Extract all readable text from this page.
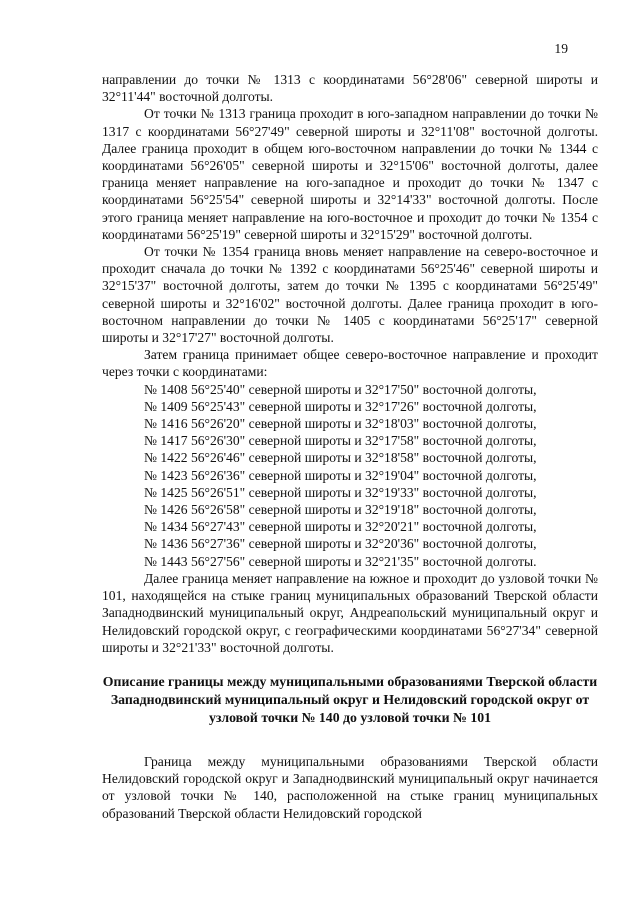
19

направлении до точки № 1313 с координатами 56°28'06" северной широты и 32°11'44" восточной долготы.

От точки № 1313 граница проходит в юго-западном направлении до точки № 1317 с координатами 56°27'49" северной широты и 32°11'08" восточной долготы. Далее граница проходит в общем юго-восточном направлении до точки № 1344 с координатами 56°26'05" северной широты и 32°15'06" восточной долготы, далее граница меняет направление на юго-западное и проходит до точки № 1347 с координатами 56°25'54" северной широты и 32°14'33" восточной долготы. После этого граница меняет направление на юго-восточное и проходит до точки № 1354 с координатами 56°25'19" северной широты и 32°15'29" восточной долготы.

От точки № 1354 граница вновь меняет направление на северо-восточное и проходит сначала до точки № 1392 с координатами 56°25'46" северной широты и 32°15'37" восточной долготы, затем до точки № 1395 с координатами 56°25'49" северной широты и 32°16'02" восточной долготы. Далее граница проходит в юго-восточном направлении до точки № 1405 с координатами 56°25'17" северной широты и 32°17'27" восточной долготы.

Затем граница принимает общее северо-восточное направление и проходит через точки с координатами:

№ 1408 56°25'40" северной широты и 32°17'50" восточной долготы,
№ 1409 56°25'43" северной широты и 32°17'26" восточной долготы,
№ 1416 56°26'20" северной широты и 32°18'03" восточной долготы,
№ 1417 56°26'30" северной широты и 32°17'58" восточной долготы,
№ 1422 56°26'46" северной широты и 32°18'58" восточной долготы,
№ 1423 56°26'36" северной широты и 32°19'04" восточной долготы,
№ 1425 56°26'51" северной широты и 32°19'33" восточной долготы,
№ 1426 56°26'58" северной широты и 32°19'18" восточной долготы,
№ 1434 56°27'43" северной широты и 32°20'21" восточной долготы,
№ 1436 56°27'36" северной широты и 32°20'36" восточной долготы,
№ 1443 56°27'56" северной широты и 32°21'35" восточной долготы.

Далее граница меняет направление на южное и проходит до узловой точки № 101, находящейся на стыке границ муниципальных образований Тверской области Западнодвинский муниципальный округ, Андреапольский муниципальный округ и Нелидовский городской округ, с географическими координатами 56°27'34" северной широты и 32°21'33" восточной долготы.

Описание границы между муниципальными образованиями Тверской области Западнодвинский муниципальный округ и Нелидовский городской округ от узловой точки № 140 до узловой точки № 101

Граница между муниципальными образованиями Тверской области Нелидовский городской округ и Западнодвинский муниципальный округ начинается от узловой точки № 140, расположенной на стыке границ муниципальных образований Тверской области Нелидовский городской
